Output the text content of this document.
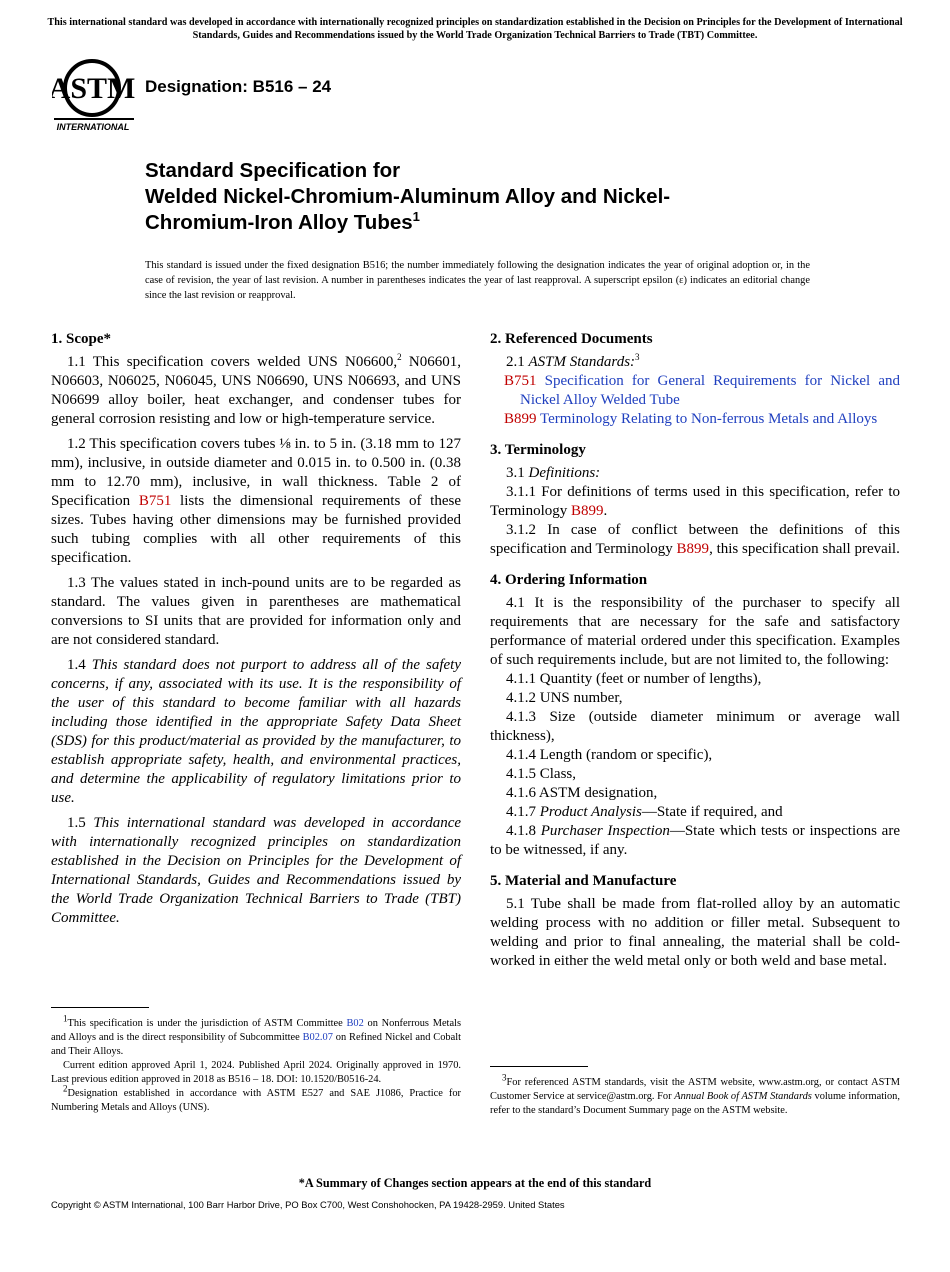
This international standard was developed in accordance with internationally recognized principles on standardization established in the Decision on Principles for the Development of International Standards, Guides and Recommendations issued by the World Trade Organization Technical Barriers to Trade (TBT) Committee.
ASTM
INTERNATIONAL
Designation: B516 – 24
Standard Specification for
Welded Nickel-Chromium-Aluminum Alloy and Nickel-
Chromium-Iron Alloy Tubes$^1$
This standard is issued under the fixed designation B516; the number immediately following the designation indicates the year of original adoption or, in the case of revision, the year of last revision. A number in parentheses indicates the year of last reapproval. A superscript epsilon (ε) indicates an editorial change since the last revision or reapproval.
1. Scope*

1.1 This specification covers welded UNS N06600,$^2$ N06601, N06603, N06025, N06045, UNS N06690, UNS N06693, and UNS N06699 alloy boiler, heat exchanger, and condenser tubes for general corrosion resisting and low or high-temperature service.

1.2 This specification covers tubes ⅛ in. to 5 in. (3.18 mm to 127 mm), inclusive, in outside diameter and 0.015 in. to 0.500 in. (0.38 mm to 12.70 mm), inclusive, in wall thickness. Table 2 of Specification B751 lists the dimensional requirements of these sizes. Tubes having other dimensions may be furnished provided such tubing complies with all other requirements of this specification.

1.3 The values stated in inch-pound units are to be regarded as standard. The values given in parentheses are mathematical conversions to SI units that are provided for information only and are not considered standard.

1.4 This standard does not purport to address all of the safety concerns, if any, associated with its use. It is the responsibility of the user of this standard to become familiar with all hazards including those identified in the appropriate Safety Data Sheet (SDS) for this product/material as provided by the manufacturer, to establish appropriate safety, health, and environmental practices, and determine the applicability of regulatory limitations prior to use.

1.5 This international standard was developed in accordance with internationally recognized principles on standardization established in the Decision on Principles for the Development of International Standards, Guides and Recommendations issued by the World Trade Organization Technical Barriers to Trade (TBT) Committee.

$^1$This specification is under the jurisdiction of ASTM Committee B02 on Nonferrous Metals and Alloys and is the direct responsibility of Subcommittee B02.07 on Refined Nickel and Cobalt and Their Alloys.

Current edition approved April 1, 2024. Published April 2024. Originally approved in 1970. Last previous edition approved in 2018 as B516 – 18. DOI: 10.1520/B0516-24.

$^2$Designation established in accordance with ASTM E527 and SAE J1086, Practice for Numbering Metals and Alloys (UNS).

2. Referenced Documents

2.1 ASTM Standards:$^3$

B751 Specification for General Requirements for Nickel and Nickel Alloy Welded Tube
B899 Terminology Relating to Non-ferrous Metals and Alloys
3. Terminology

3.1 Definitions:

3.1.1 For definitions of terms used in this specification, refer to Terminology B899.

3.1.2 In case of conflict between the definitions of this specification and Terminology B899, this specification shall prevail.

4. Ordering Information

4.1 It is the responsibility of the purchaser to specify all requirements that are necessary for the safe and satisfactory performance of material ordered under this specification. Examples of such requirements include, but are not limited to, the following:

4.1.1 Quantity (feet or number of lengths),

4.1.2 UNS number,

4.1.3 Size (outside diameter minimum or average wall thickness),

4.1.4 Length (random or specific),

4.1.5 Class,

4.1.6 ASTM designation,

4.1.7 Product Analysis—State if required, and

4.1.8 Purchaser Inspection—State which tests or inspections are to be witnessed, if any.

5. Material and Manufacture

5.1 Tube shall be made from flat-rolled alloy by an automatic welding process with no addition or filler metal. Subsequent to welding and prior to final annealing, the material shall be cold-worked in either the weld metal only or both weld and base metal.

$^3$For referenced ASTM standards, visit the ASTM website, www.astm.org, or contact ASTM Customer Service at service@astm.org. For Annual Book of ASTM Standards volume information, refer to the standard’s Document Summary page on the ASTM website.

*A Summary of Changes section appears at the end of this standard
Copyright © ASTM International, 100 Barr Harbor Drive, PO Box C700, West Conshohocken, PA 19428-2959. United States
